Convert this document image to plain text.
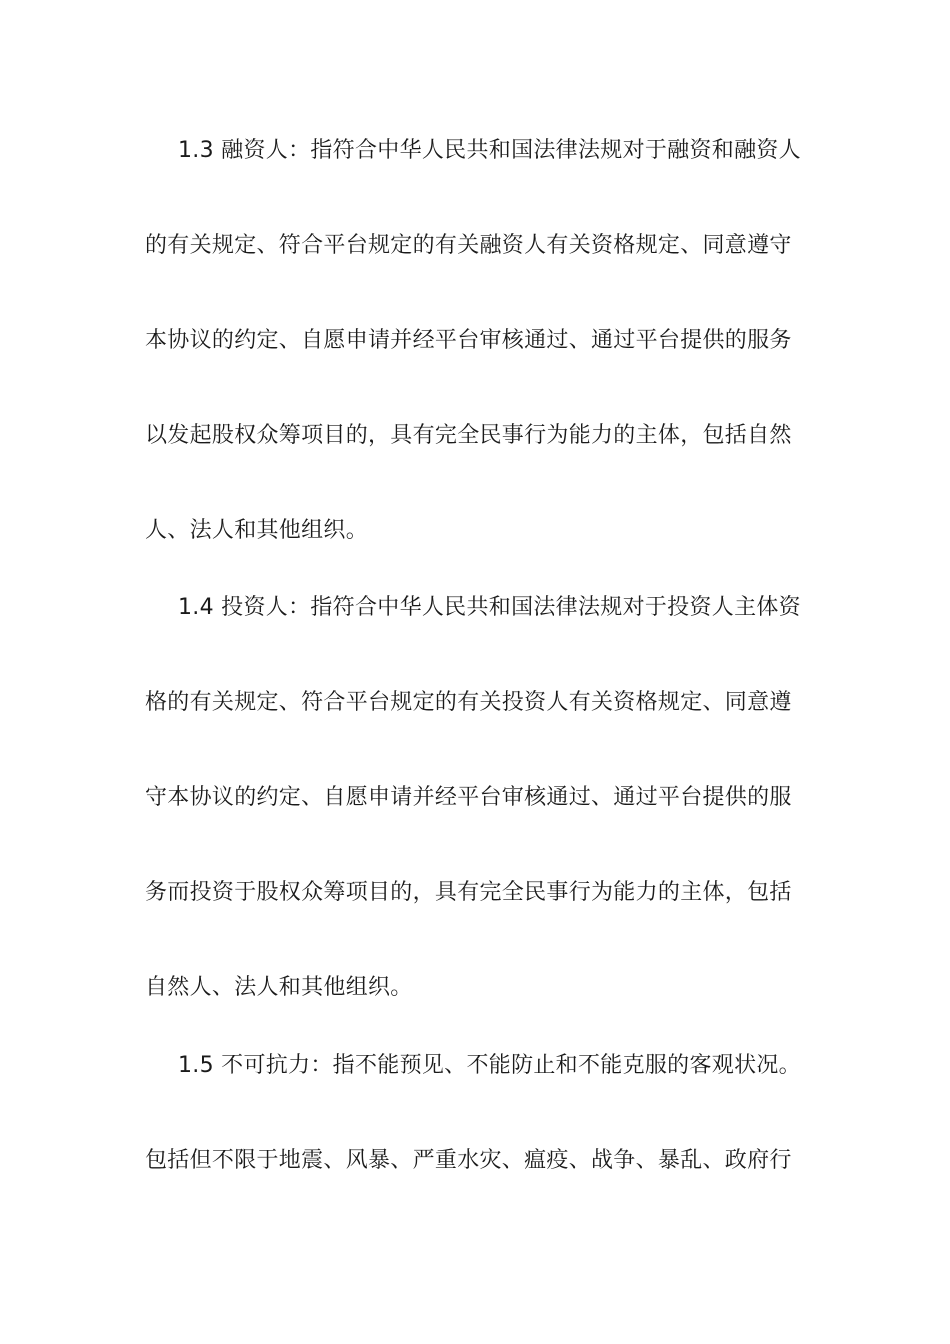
1.3 融资人：指符合中华人民共和国法律法规对于融资和融资人
的有关规定、符合平台规定的有关融资人有关资格规定、同意遵守
本协议的约定、自愿申请并经平台审核通过、通过平台提供的服务
以发起股权众筹项目的，具有完全民事行为能力的主体，包括自然
人、法人和其他组织。
1.4 投资人：指符合中华人民共和国法律法规对于投资人主体资
格的有关规定、符合平台规定的有关投资人有关资格规定、同意遵
守本协议的约定、自愿申请并经平台审核通过、通过平台提供的服
务而投资于股权众筹项目的，具有完全民事行为能力的主体，包括
自然人、法人和其他组织。
1.5 不可抗力：指不能预见、不能防止和不能克服的客观状况。
包括但不限于地震、风暴、严重水灾、瘟疫、战争、暴乱、政府行
